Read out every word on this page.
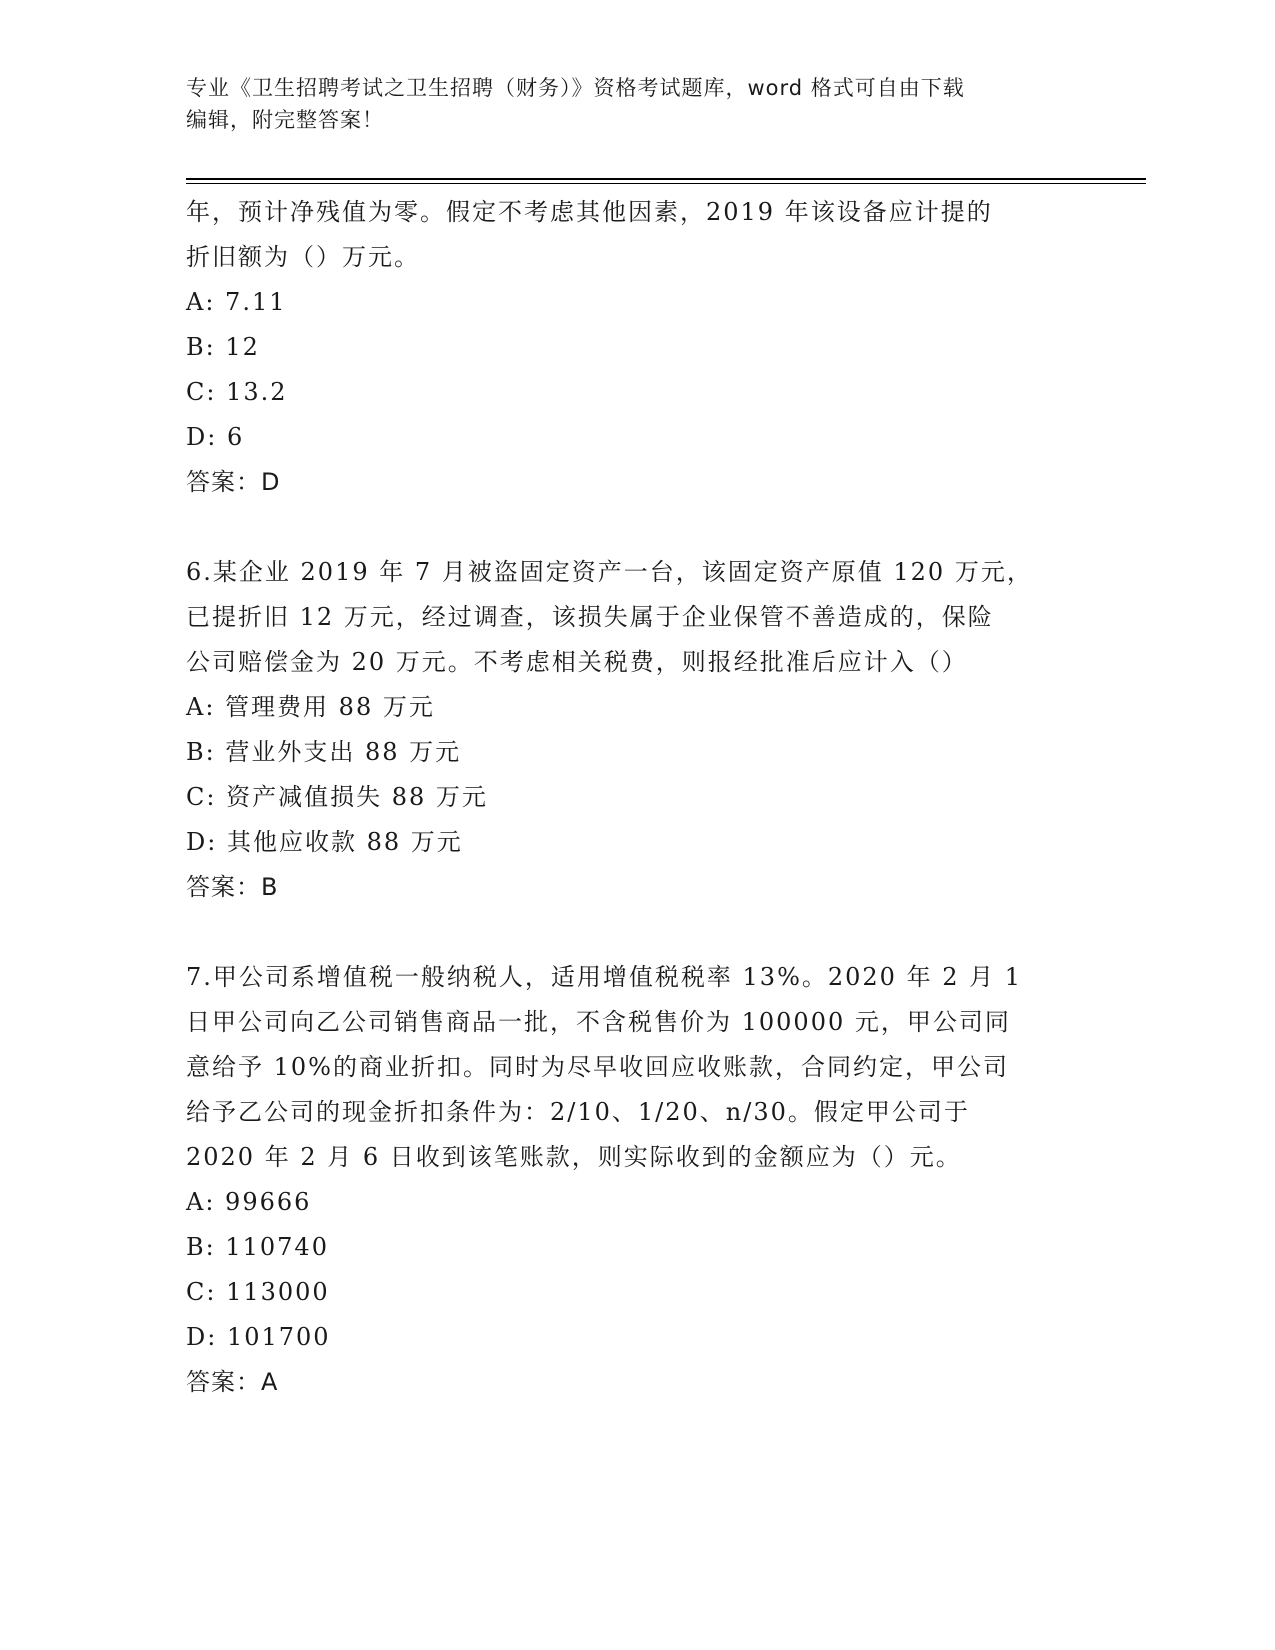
专业《卫生招聘考试之卫生招聘（财务）》资格考试题库，word 格式可自由下载
编辑，附完整答案！
年，预计净残值为零。假定不考虑其他因素，2019 年该设备应计提的
折旧额为（）万元。
A: 7.11
B: 12
C: 13.2
D: 6
答案：D
6.某企业 2019 年 7 月被盗固定资产一台，该固定资产原值 120 万元，
已提折旧 12 万元，经过调查，该损失属于企业保管不善造成的，保险
公司赔偿金为 20 万元。不考虑相关税费，则报经批准后应计入（）
A: 管理费用 88 万元
B: 营业外支出 88 万元
C: 资产减值损失 88 万元
D: 其他应收款 88 万元
答案：B
7.甲公司系增值税一般纳税人，适用增值税税率 13%。2020 年 2 月 1
日甲公司向乙公司销售商品一批，不含税售价为 100000 元，甲公司同
意给予 10%的商业折扣。同时为尽早收回应收账款，合同约定，甲公司
给予乙公司的现金折扣条件为：2/10、1/20、n/30。假定甲公司于
2020 年 2 月 6 日收到该笔账款，则实际收到的金额应为（）元。
A: 99666
B: 110740
C: 113000
D: 101700
答案：A
